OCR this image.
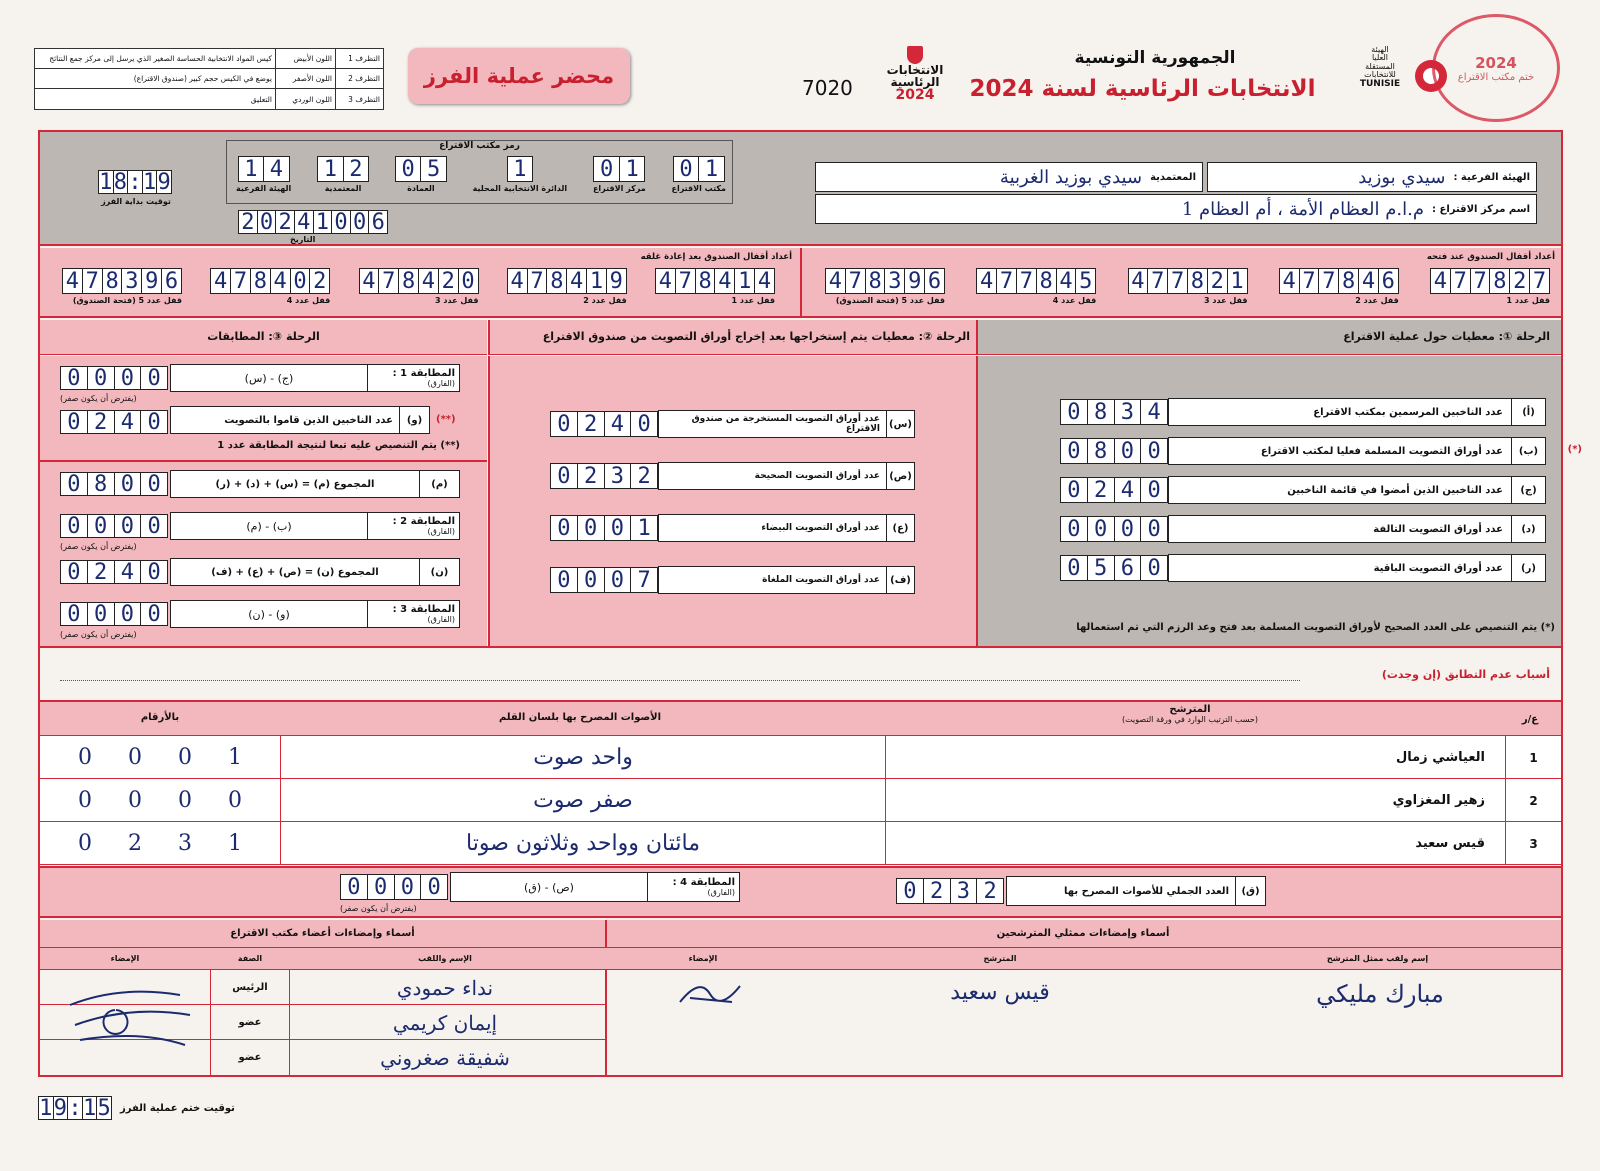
التظرف 1
اللون الأبيض
كيس المواد الانتخابية الحساسة الصغير الذي يرسل إلى مركز جمع النتائج
التظرف 2
اللون الأصفر
يوضع في الكيس حجم كبير (صندوق الاقتراع)
التظرف 3
اللون الوردي
التعليق
محضر عملية الفرز	7020
الانتخابات
الرئاسية
2024
الجمهورية التونسية
الانتخابات الرئاسية لسنة 2024
الهيئة
العليا
المستقلة
للانتخابات
TUNISIE
2024
ختم مكتب الاقتراع
الهيئة الفرعية :
سيدي بوزيد
المعتمدية
سيدي بوزيد الغربية
اسم مركز الاقتراع :
م.ا.م العظام الأمة ، أم العظام 1
رمز مكتب الاقتراع
0 1
مكتب الاقتراع
0 1
مركز الاقتراع
1
الدائرة الانتخابية المحلية
0 5
العمادة
1 2
المعتمدية
1 4
الهيئة الفرعية
2 0 2 4 1 0 0 6
التاريخ
1 8 : 1 9
توقيت بداية الفرز
أعداد أقفال الصندوق عند فتحه
أعداد أقفال الصندوق بعد إعادة غلقه
4 7 7 8 2 7
قفل عدد 1
4 7 7 8 4 6
قفل عدد 2
4 7 7 8 2 1
قفل عدد 3
4 7 7 8 4 5
قفل عدد 4
4 7 8 3 9 6
قفل عدد 5 (فتحة الصندوق)
4 7 8 4 1 4
قفل عدد 1
4 7 8 4 1 9
قفل عدد 2
4 7 8 4 2 0
قفل عدد 3
4 7 8 4 0 2
قفل عدد 4
4 7 8 3 9 6
قفل عدد 5 (فتحة الصندوق)
الرحلة ①: معطيات حول عملية الاقتراع
الرحلة ②: معطيات يتم إستخراجها بعد إخراج أوراق التصويت من صندوق الاقتراع
الرحلة ③: المطابقات
0 8 3 4	(أ)
عدد الناخبين المرسمين بمكتب الاقتراع
0 8 0 0	(ب)
عدد أوراق التصويت المسلمة فعليا لمكتب الاقتراع	(*)
0 2 4 0	(ج)
عدد الناخبين الذين أمضوا في قائمة الناخبين
0 0 0 0	(د)
عدد أوراق التصويت التالفة
0 5 6 0	(ر)
عدد أوراق التصويت الباقية
(*) يتم التنصيص على العدد الصحيح لأوراق التصويت المسلمة بعد فتح وعد الرزم التي تم استعمالها
0 2 4 0	(س)
عدد أوراق التصويت المستخرجة من صندوق الاقتراع
0 2 3 2	(ص)
عدد أوراق التصويت الصحيحة
0 0 0 1	(ع)
عدد أوراق التصويت البيضاء
0 0 0 7	(ف)
عدد أوراق التصويت الملغاة
0 0 0 0	المطابقة 1 :
(الفارق)
(ج) - (س)
(يفترض أن يكون صفر)
0 2 4 0	(و)
عدد الناخبين الذين قاموا بالتصويت	(**)
(**) يتم التنصيص عليه تبعا لنتيجة المطابقة عدد 1
0 8 0 0	(م)
المجموع (م) = (س) + (د) + (ر)
0 0 0 0	المطابقة 2 :
(الفارق)
(ب) - (م)
(يفترض أن يكون صفر)
0 2 4 0	(ن)
المجموع (ن) = (ص) + (ع) + (ف)
0 0 0 0	المطابقة 3 :
(الفارق)
(و) - (ن)
(يفترض أن يكون صفر)
أسباب عدم التطابق (إن وجدت)
ع/ر
المترشح
(حسب الترتيب الوارد في ورقة التصويت)
الأصوات المصرح بها بلسان القلم
بالأرقام
1
العياشي زمال
واحد صوت
0 0 0 1
2
زهير المغزاوي
صفر صوت
0 0 0 0
3
قيس سعيد
مائتان وواحد وثلاثون صوتا
0 2 3 1
0 2 3 2	(ق)
العدد الجملي للأصوات المصرح بها
0 0 0 0	المطابقة 4 :
(الفارق)
(ص) - (ق)
(يفترض أن يكون صفر)
أسماء وإمضاءات ممثلي المترشحين
أسماء وإمضاءات أعضاء مكتب الاقتراع
إسم ولقب ممثل المترشح
المترشح
الإمضاء
الإسم واللقب
الصفة
الإمضاء
مبارك مليكي
قيس سعيد
نداء حمودي
الرئيس
إيمان كريمي
عضو
شفيقة صغروني
عضو
1 9 : 1 5 توقيت ختم عملية الفرز
